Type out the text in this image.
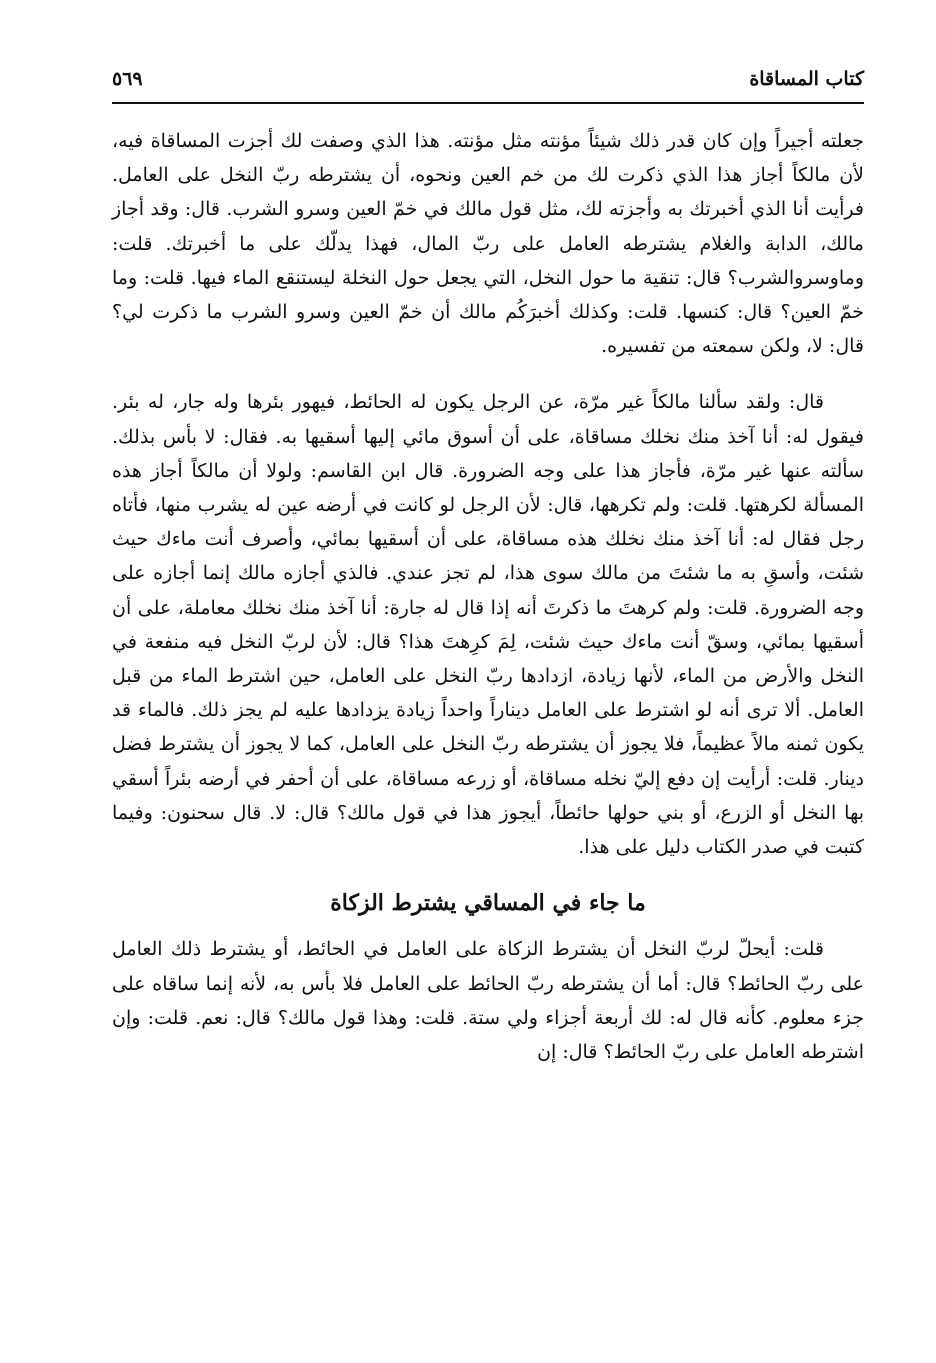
كتاب المساقاة
٥٦٩

جعلته أجيراً وإن كان قدر ذلك شيئاً مؤنته مثل مؤنته. هذا الذي وصفت لك أجزت المساقاة فيه، لأن مالكاً أجاز هذا الذي ذكرت لك من خم العين ونحوه، أن يشترطه ربّ النخل على العامل. فرأيت أنا الذي أخبرتك به وأجزته لك، مثل قول مالك في خمّ العين وسرو الشرب. قال: وقد أجاز مالك، الدابة والغلام يشترطه العامل على ربّ المال، فهذا يدلّك على ما أخبرتك. قلت: وماوسروالشرب؟ قال: تنقية ما حول النخل، التي يجعل حول النخلة ليستنقع الماء فيها. قلت: وما خمّ العين؟ قال: كنسها. قلت: وكذلك أخبرَكُم مالك أن خمّ العين وسرو الشرب ما ذكرت لي؟ قال: لا، ولكن سمعته من تفسيره.

قال: ولقد سألنا مالكاً غير مرّة، عن الرجل يكون له الحائط، فيهور بئرها وله جار، له بئر. فيقول له: أنا آخذ منك نخلك مساقاة، على أن أسوق مائي إليها أسقيها به. فقال: لا بأس بذلك. سألته عنها غير مرّة، فأجاز هذا على وجه الضرورة. قال ابن القاسم: ولولا أن مالكاً أجاز هذه المسألة لكرهتها. قلت: ولم تكرهها، قال: لأن الرجل لو كانت في أرضه عين له يشرب منها، فأتاه رجل فقال له: أنا آخذ منك نخلك هذه مساقاة، على أن أسقيها بمائي، وأصرف أنت ماءك حيث شئت، وأسقِ به ما شئتَ من مالك سوى هذا، لم تجز عندي. فالذي أجازه مالك إنما أجازه على وجه الضرورة. قلت: ولم كرهتَ ما ذكرتَ أنه إذا قال له جارة: أنا آخذ منك نخلك معاملة، على أن أسقيها بمائي، وسقّ أنت ماءك حيث شئت، لِمَ كرِهتَ هذا؟ قال: لأن لربّ النخل فيه منفعة في النخل والأرض من الماء، لأنها زيادة، ازدادها ربّ النخل على العامل، حين اشترط الماء من قبل العامل. ألا ترى أنه لو اشترط على العامل ديناراً واحداً زيادة يزدادها عليه لم يجز ذلك. فالماء قد يكون ثمنه مالاً عظيماً، فلا يجوز أن يشترطه ربّ النخل على العامل، كما لا يجوز أن يشترط فضل دينار. قلت: أرأيت إن دفع إليّ نخله مساقاة، أو زرعه مساقاة، على أن أحفر في أرضه بئراً أسقي بها النخل أو الزرع، أو بني حولها حائطاً، أيجوز هذا في قول مالك؟ قال: لا. قال سحنون: وفيما كتبت في صدر الكتاب دليل على هذا.

ما جاء في المساقي يشترط الزكاة

قلت: أيحلّ لربّ النخل أن يشترط الزكاة على العامل في الحائط، أو يشترط ذلك العامل على ربّ الحائط؟ قال: أما أن يشترطه ربّ الحائط على العامل فلا بأس به، لأنه إنما ساقاه على جزء معلوم. كأنه قال له: لك أربعة أجزاء ولي ستة. قلت: وهذا قول مالك؟ قال: نعم. قلت: وإن اشترطه العامل على ربّ الحائط؟ قال: إن
